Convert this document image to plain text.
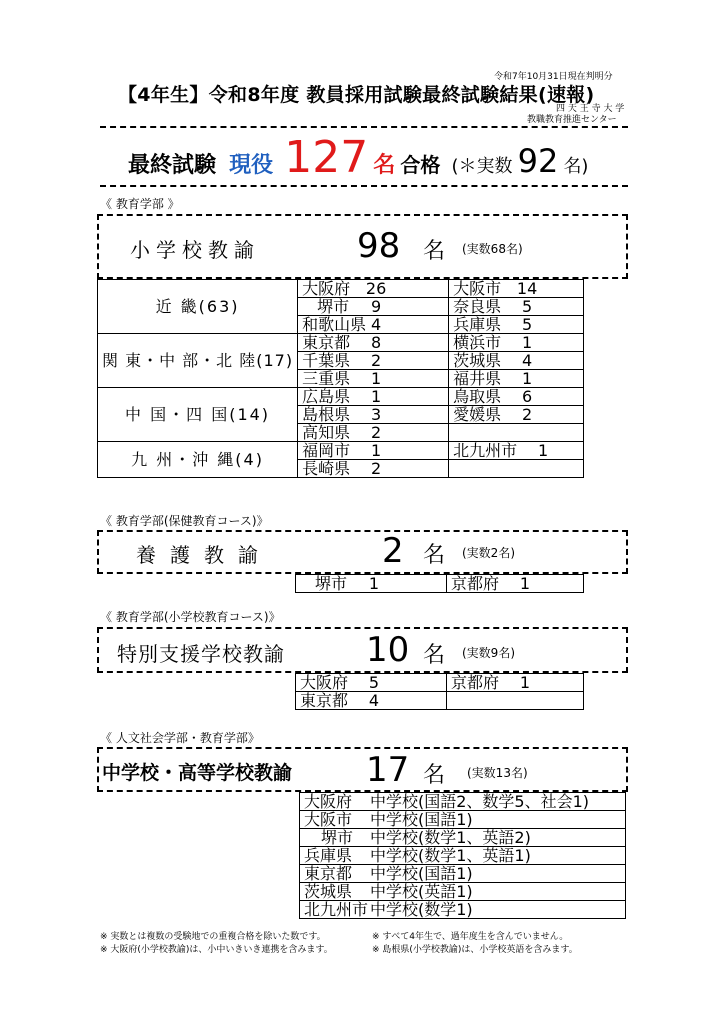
令和7年10月31日現在判明分
【4年生】令和8年度 教員採用試験最終試験結果(速報)
四 天 王 寺 大 学
教職教育推進センター
最終試験 現役 127 名 合格 (＊実数 92 名)
《 教育学部 》
小学校教諭	98 名 (実数68名)
近 畿(63)	大阪府 26	大阪市 14
	堺市 9	奈良県 5
	和歌山県 4	兵庫県 5
関 東・中 部・北 陸(17)	東京都 8	横浜市 1
	千葉県 2	茨城県 4
	三重県 1	福井県 1
中 国・四 国(14)	広島県 1	鳥取県 6
	島根県 3	愛媛県 2
	高知県 2	
九 州・沖 縄(4)	福岡市 1	北九州市 1
	長崎県 2	
《 教育学部(保健教育コース)》
養護教諭	2 名 (実数2名)
堺市 1	京都府 1
《 教育学部(小学校教育コース)》
特別支援学校教諭 10 名 (実数9名)
大阪府 5	京都府 1
東京都 4	
《 人文社会学部・教育学部》
中学校・高等学校教諭 17 名 (実数13名)
大阪府 中学校(国語2、数学5、社会1)
大阪市 中学校(国語1)
堺市 中学校(数学1、英語2)
兵庫県 中学校(数学1、英語1)
東京都 中学校(国語1)
茨城県 中学校(英語1)
北九州市 中学校(数学1)
※ 実数とは複数の受験地での重複合格を除いた数です。	※ すべて4年生で、過年度生を含んでいません。
※ 大阪府(小学校教諭)は、小中いきいき連携を含みます。	※ 島根県(小学校教諭)は、小学校英語を含みます。
